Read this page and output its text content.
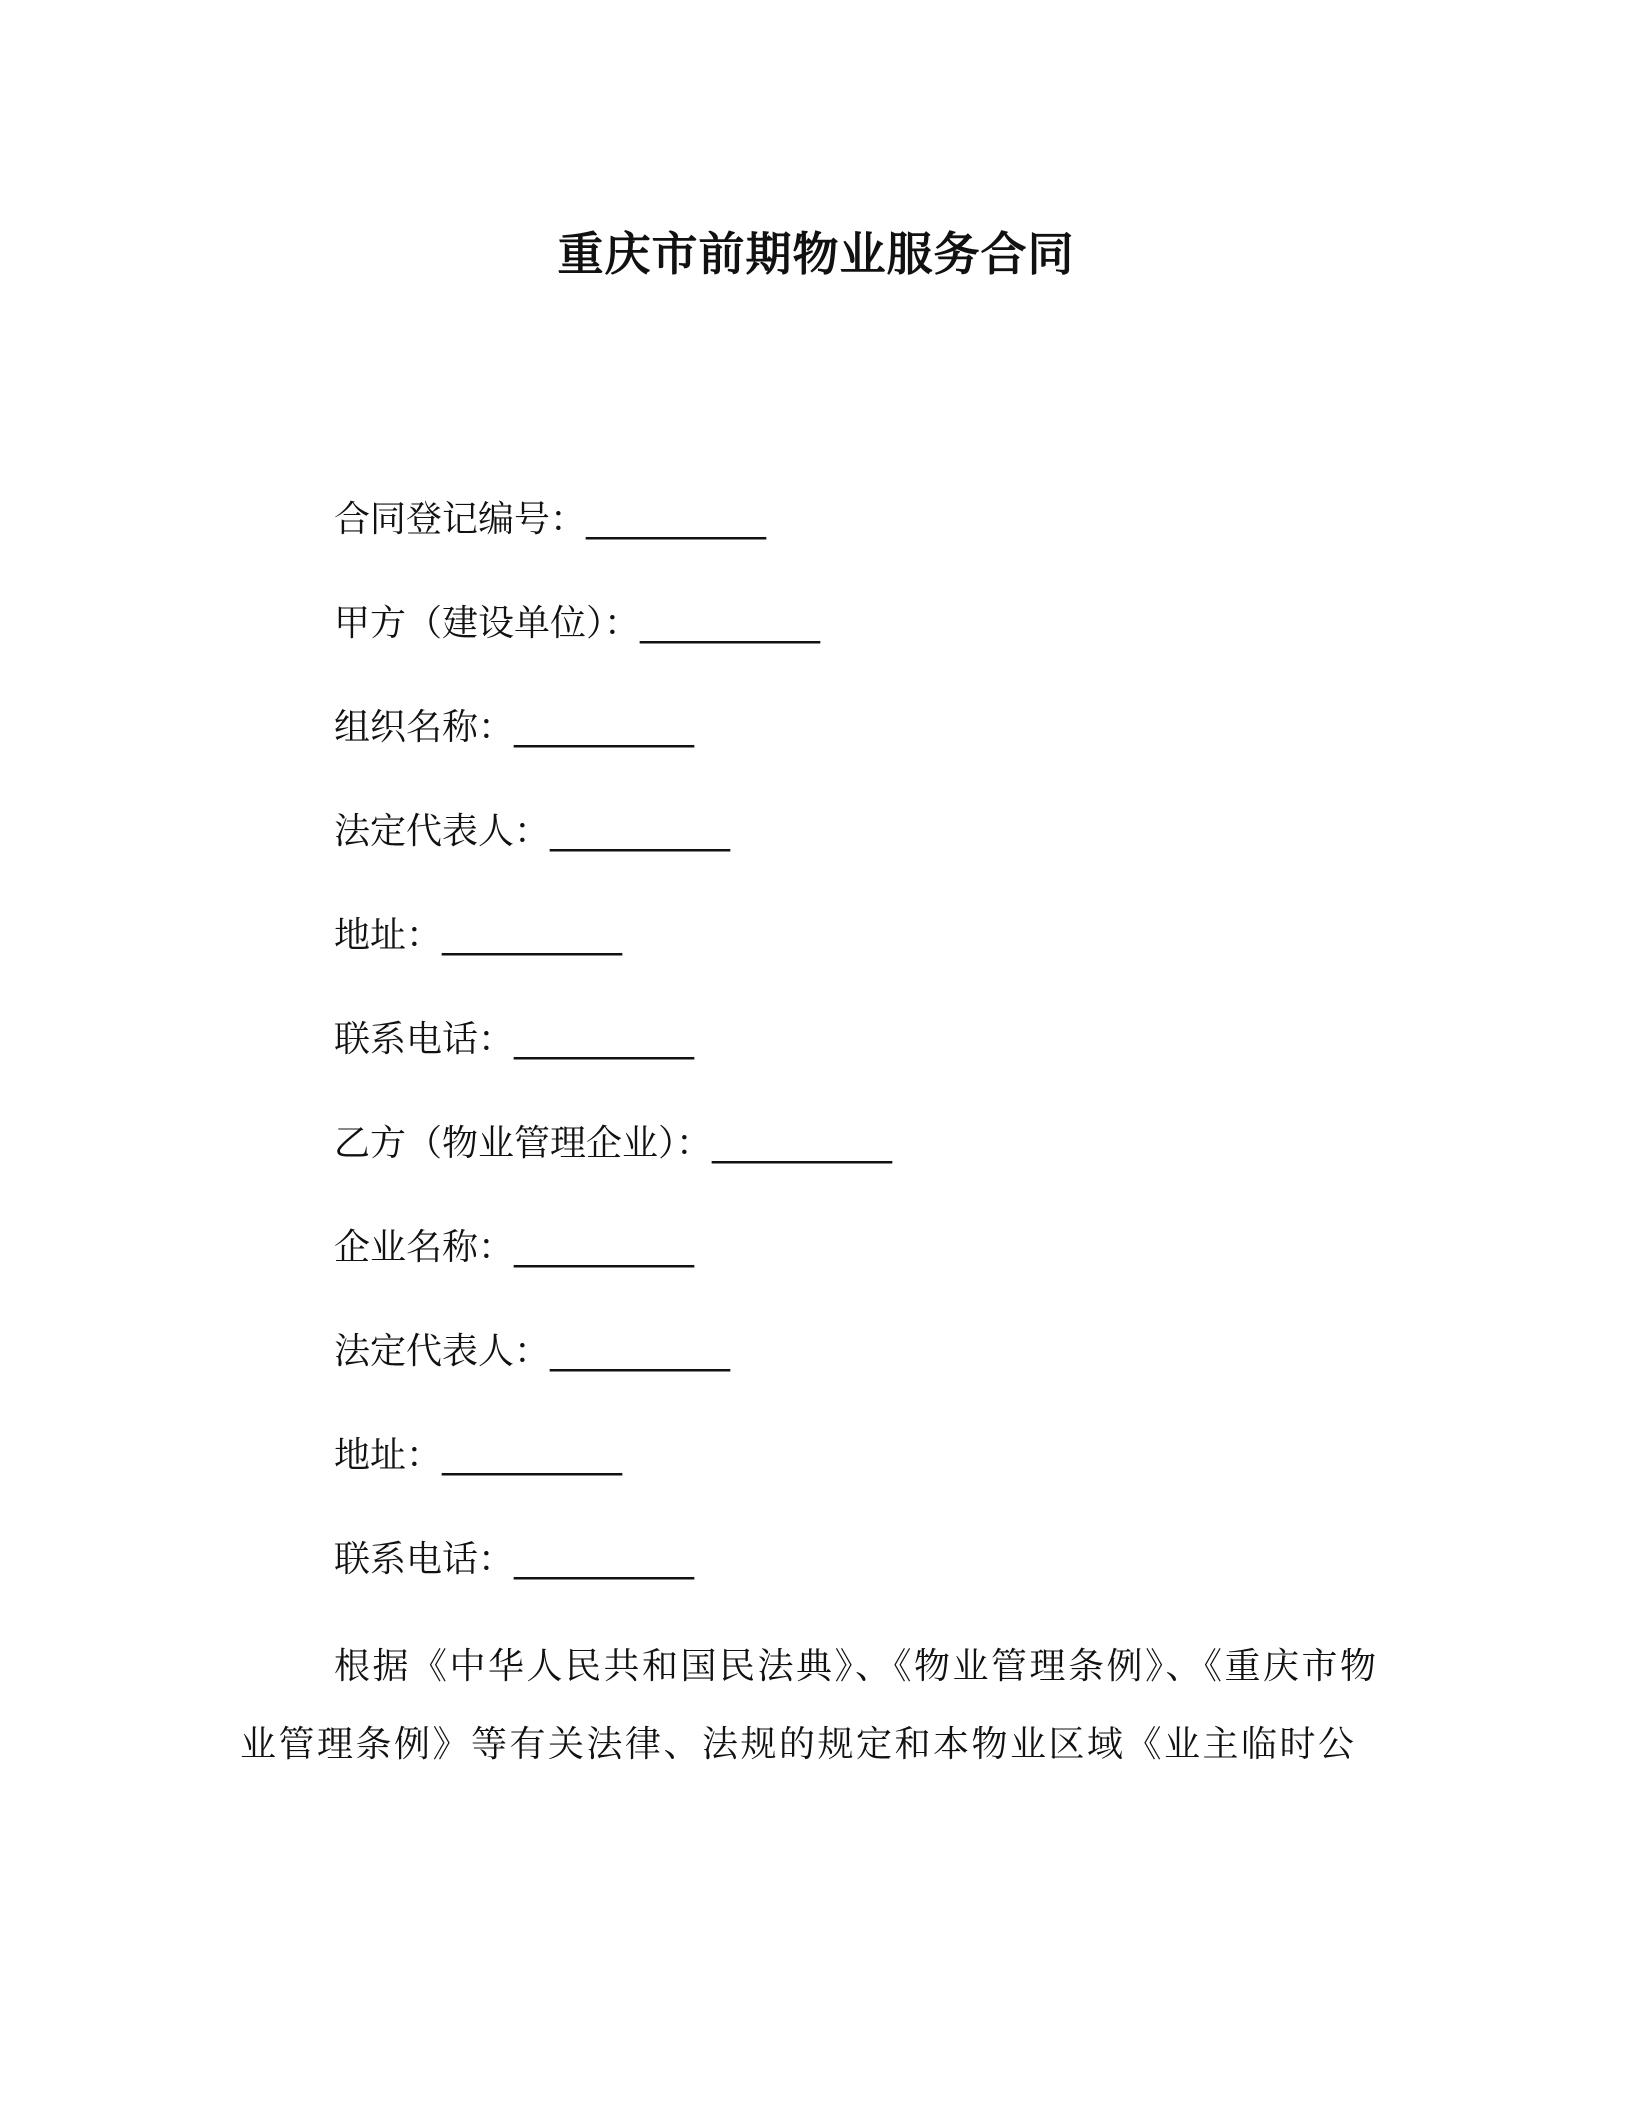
重庆市前期物业服务合同
合同登记编号：__________
甲方（建设单位）：__________
组织名称：__________
法定代表人：__________
地址：__________
联系电话：__________
乙方（物业管理企业）：__________
企业名称：__________
法定代表人：__________
地址：__________
联系电话：__________
根据《中华人民共和国民法典》、《物业管理条例》、《重庆市物业管理条例》等有关法律、法规的规定和本物业区域《业主临时公
